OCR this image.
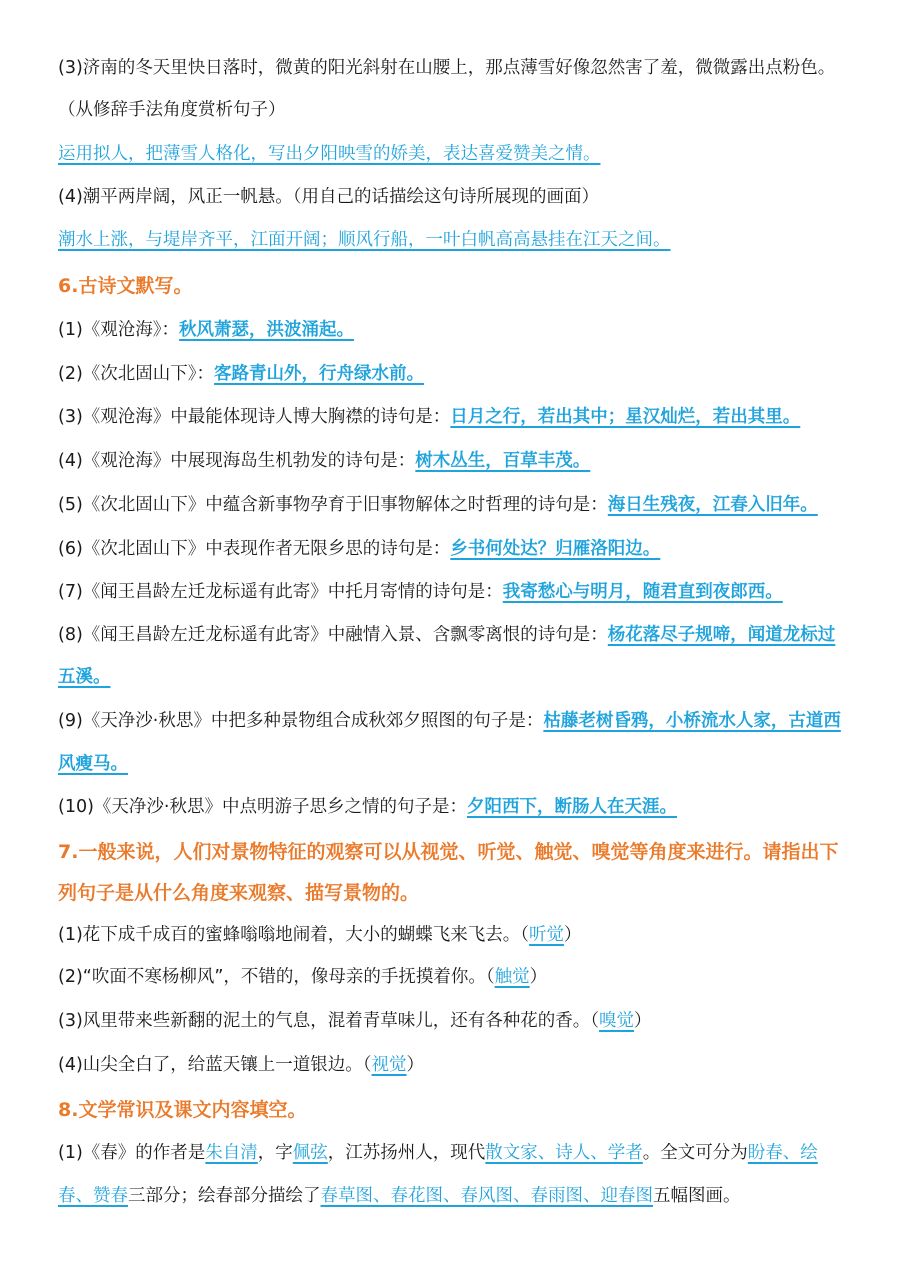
(3)济南的冬天里快日落时，微黄的阳光斜射在山腰上，那点薄雪好像忽然害了羞，微微露出点粉色。
（从修辞手法角度赏析句子）
运用拟人，把薄雪人格化，写出夕阳映雪的娇美，表达喜爱赞美之情。
(4)潮平两岸阔，风正一帆悬。（用自己的话描绘这句诗所展现的画面）
潮水上涨，与堤岸齐平，江面开阔；顺风行船，一叶白帆高高悬挂在江天之间。
6.古诗文默写。
(1)《观沧海》：秋风萧瑟，洪波涌起。
(2)《次北固山下》：客路青山外，行舟绿水前。
(3)《观沧海》中最能体现诗人博大胸襟的诗句是：日月之行，若出其中；星汉灿烂，若出其里。
(4)《观沧海》中展现海岛生机勃发的诗句是：树木丛生，百草丰茂。
(5)《次北固山下》中蕴含新事物孕育于旧事物解体之时哲理的诗句是：海日生残夜，江春入旧年。
(6)《次北固山下》中表现作者无限乡思的诗句是：乡书何处达？归雁洛阳边。
(7)《闻王昌龄左迁龙标遥有此寄》中托月寄情的诗句是：我寄愁心与明月，随君直到夜郎西。
(8)《闻王昌龄左迁龙标遥有此寄》中融情入景、含飘零离恨的诗句是：杨花落尽子规啼，闻道龙标过
五溪。
(9)《天净沙·秋思》中把多种景物组合成秋郊夕照图的句子是：枯藤老树昏鸦，小桥流水人家，古道西
风瘦马。
(10)《天净沙·秋思》中点明游子思乡之情的句子是：夕阳西下，断肠人在天涯。
7.一般来说，人们对景物特征的观察可以从视觉、听觉、触觉、嗅觉等角度来进行。请指出下
列句子是从什么角度来观察、描写景物的。
(1)花下成千成百的蜜蜂嗡嗡地闹着，大小的蝴蝶飞来飞去。（听觉）
(2)“吹面不寒杨柳风”，不错的，像母亲的手抚摸着你。（触觉）
(3)风里带来些新翻的泥土的气息，混着青草味儿，还有各种花的香。（嗅觉）
(4)山尖全白了，给蓝天镶上一道银边。（视觉）
8.文学常识及课文内容填空。
(1)《春》的作者是朱自清，字佩弦，江苏扬州人，现代散文家、诗人、学者。全文可分为盼春、绘
春、赞春三部分；绘春部分描绘了春草图、春花图、春风图、春雨图、迎春图五幅图画。
